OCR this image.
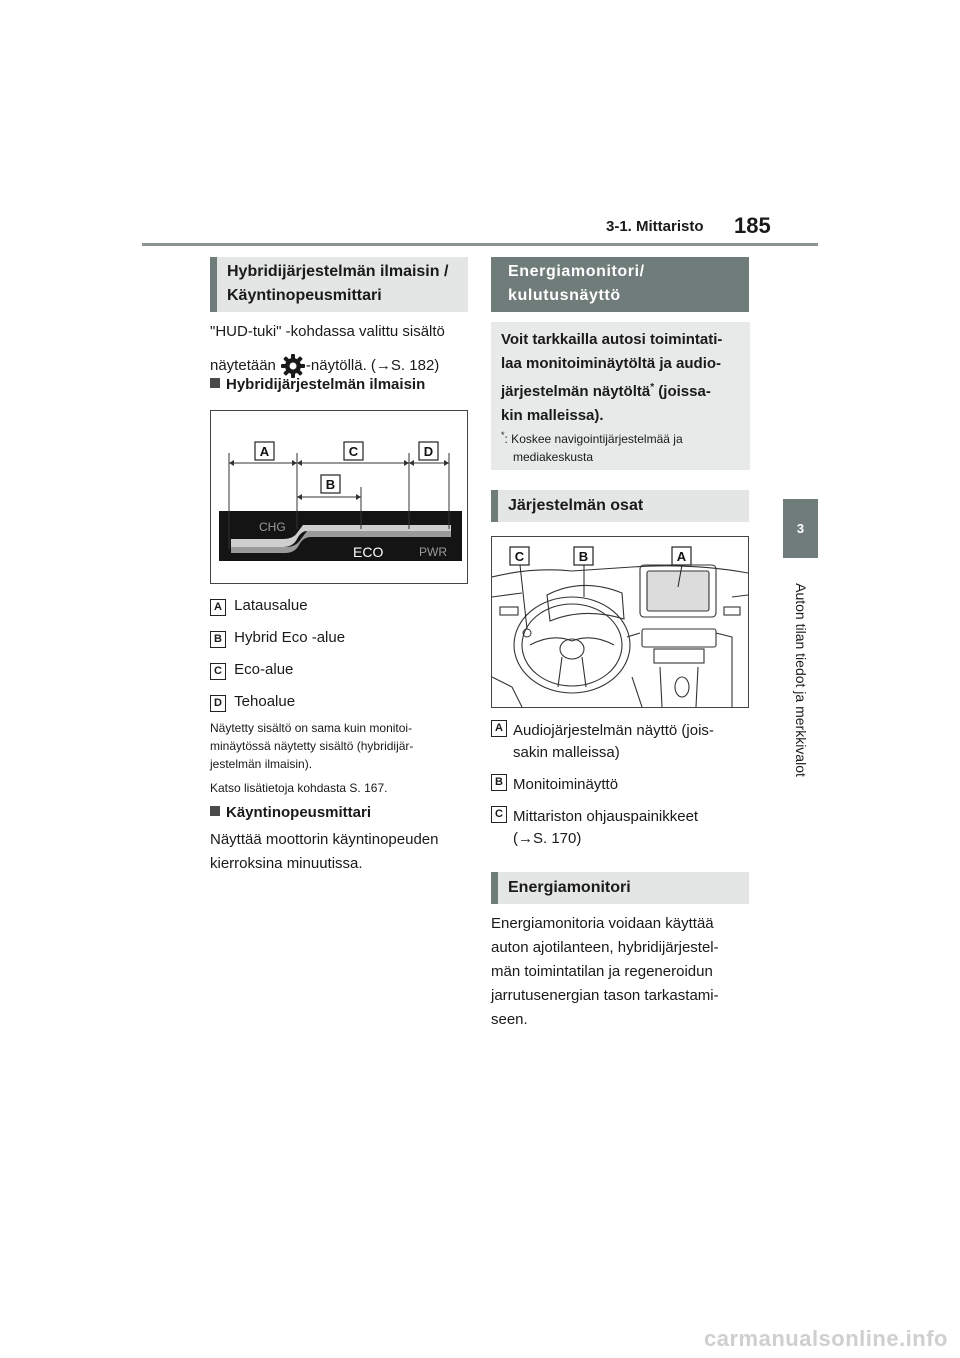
3-1. Mittaristo 185
3
Auton tilan tiedot ja merkkivalot
Hybridijärjestelmän ilmaisin /
Käyntinopeusmittari
"HUD-tuki" -kohdassa valittu sisältö
näytetään -näytöllä. ( → S. 182)
Hybridijärjestelmän ilmaisin
A	C	D
B
CHG
ECO	PWR
A Latausalue
B Hybrid Eco -alue
C Eco-alue
D Tehoalue
Näytetty sisältö on sama kuin monitoi-
minäytössä näytetty sisältö (hybridijär-
jestelmän ilmaisin).
Katso lisätietoja kohdasta S. 167.
Käyntinopeusmittari
Näyttää moottorin käyntinopeuden
kierroksina minuutissa.
Energiamonitori/
kulutusnäyttö
Voit tarkkailla autosi toimintati-
laa monitoiminäytöltä ja audio-
järjestelmän näytöltä* (joissa-
kin malleissa).
*: Koskee navigointijärjestelmää ja
mediakeskusta
Järjestelmän osat
C	B	A
A Audiojärjestelmän näyttö (jois-
sakin malleissa)
B Monitoiminäyttö
C Mittariston ohjauspainikkeet
(→S. 170)
Energiamonitori
Energiamonitoria voidaan käyttää
auton ajotilanteen, hybridijärjestel-
män toimintatilan ja regeneroidun
jarrutusenergian tason tarkastami-
seen.
carmanualsonline.info
